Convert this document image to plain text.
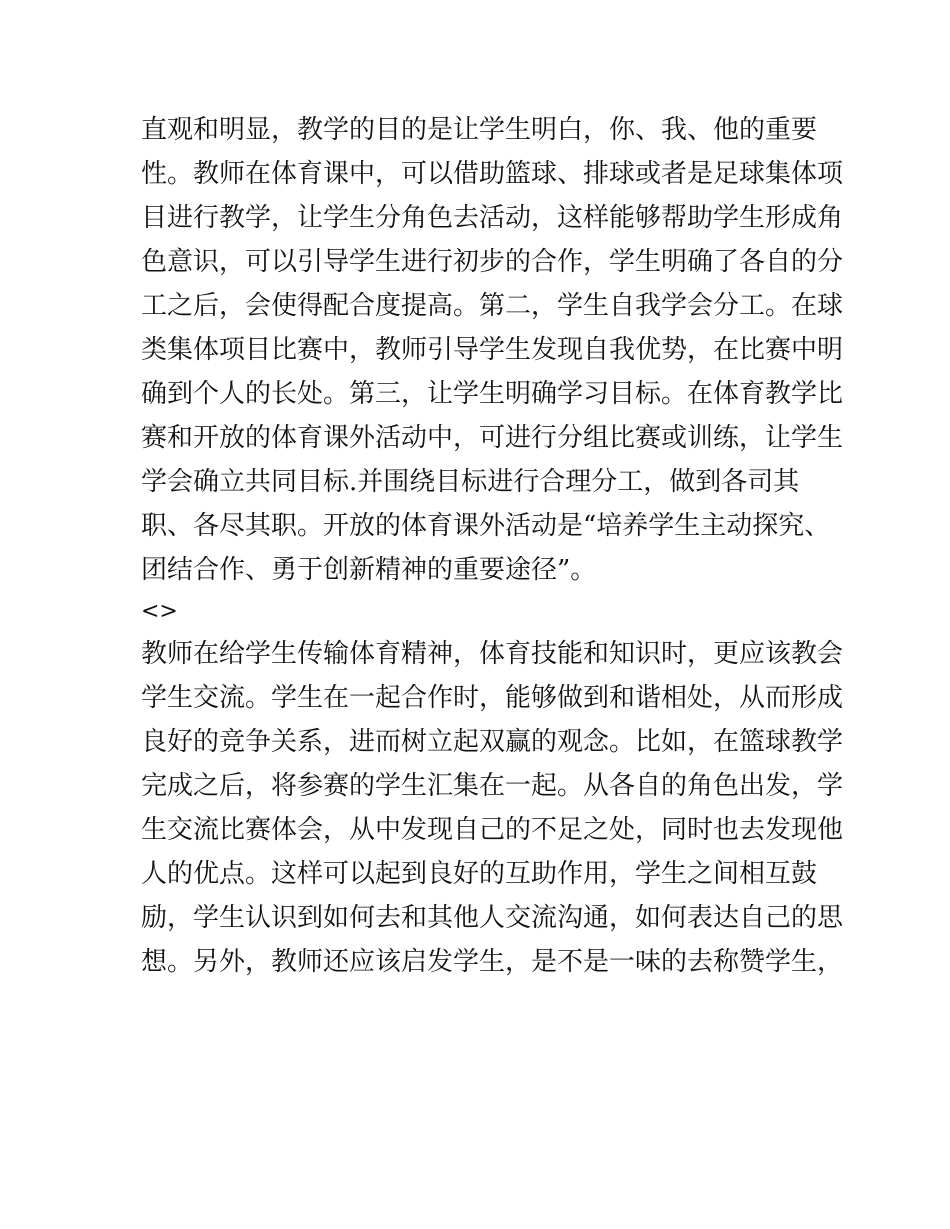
直观和明显，教学的目的是让学生明白，你、我、他的重要
性。教师在体育课中，可以借助篮球、排球或者是足球集体项
目进行教学，让学生分角色去活动，这样能够帮助学生形成角
色意识，可以引导学生进行初步的合作，学生明确了各自的分
工之后，会使得配合度提高。第二，学生自我学会分工。在球
类集体项目比赛中，教师引导学生发现自我优势，在比赛中明
确到个人的长处。第三，让学生明确学习目标。在体育教学比
赛和开放的体育课外活动中，可进行分组比赛或训练，让学生
学会确立共同目标.并围绕目标进行合理分工，做到各司其
职、各尽其职。开放的体育课外活动是“培养学生主动探究、
团结合作、勇于创新精神的重要途径”。
<>
教师在给学生传输体育精神，体育技能和知识时，更应该教会
学生交流。学生在一起合作时，能够做到和谐相处，从而形成
良好的竞争关系，进而树立起双赢的观念。比如，在篮球教学
完成之后，将参赛的学生汇集在一起。从各自的角色出发，学
生交流比赛体会，从中发现自己的不足之处，同时也去发现他
人的优点。这样可以起到良好的互助作用，学生之间相互鼓
励，学生认识到如何去和其他人交流沟通，如何表达自己的思
想。另外，教师还应该启发学生，是不是一味的去称赞学生，
